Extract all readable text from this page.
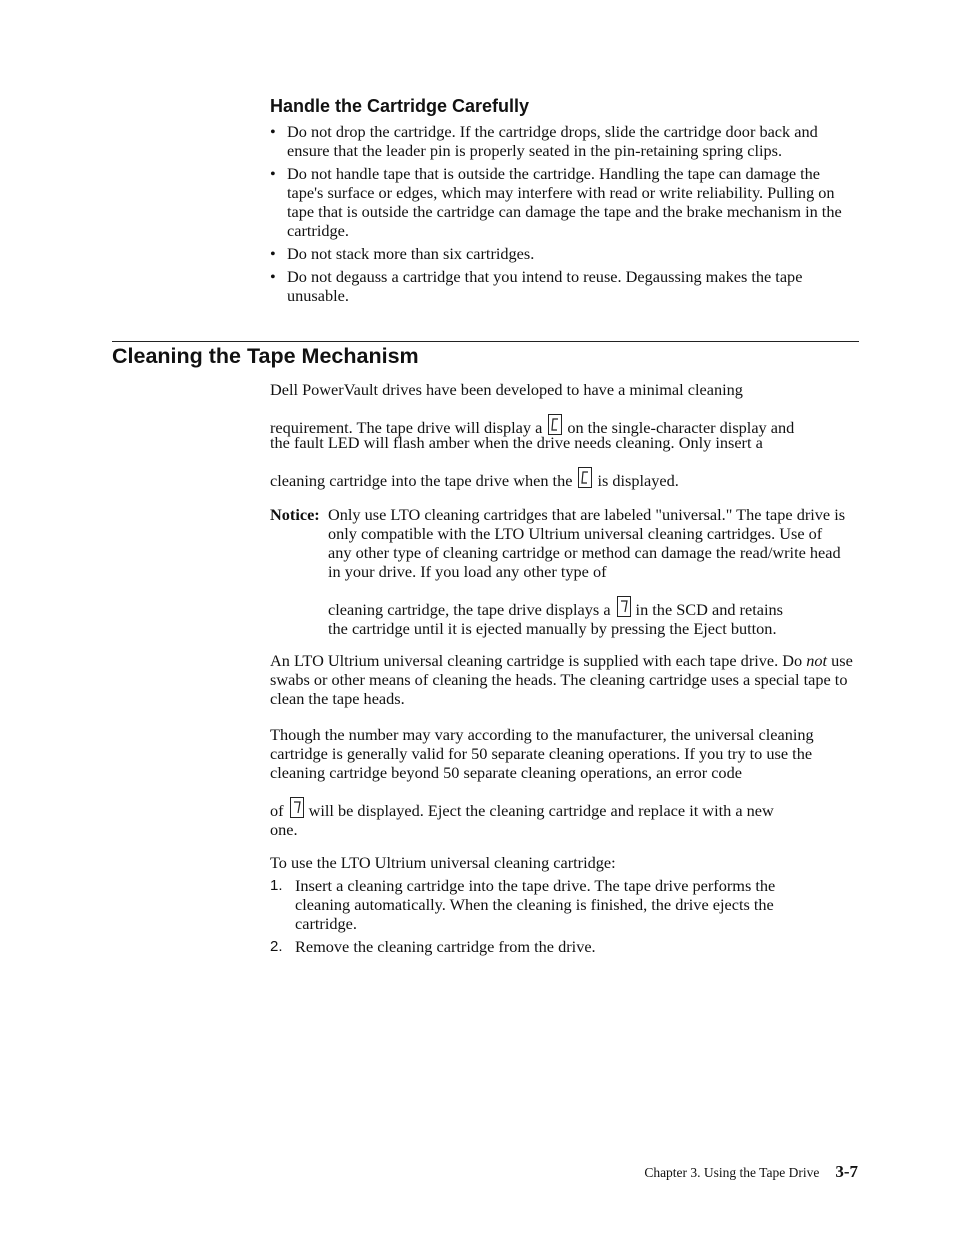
Handle the Cartridge Carefully
• Do not drop the cartridge. If the cartridge drops, slide the cartridge door back and ensure that the leader pin is properly seated in the pin-retaining spring clips.
• Do not handle tape that is outside the cartridge. Handling the tape can damage the tape's surface or edges, which may interfere with read or write reliability. Pulling on tape that is outside the cartridge can damage the tape and the brake mechanism in the cartridge.
• Do not stack more than six cartridges.
• Do not degauss a cartridge that you intend to reuse. Degaussing makes the tape unusable.
Cleaning the Tape Mechanism
Dell PowerVault drives have been developed to have a minimal cleaning
requirement. The tape drive will display a on the single-character display and
the fault LED will flash amber when the drive needs cleaning. Only insert a
cleaning cartridge into the tape drive when the is displayed.
Notice: Only use LTO cleaning cartridges that are labeled "universal." The tape drive is only compatible with the LTO Ultrium universal cleaning cartridges. Use of any other type of cleaning cartridge or method can damage the read/write head in your drive. If you load any other type of
cleaning cartridge, the tape drive displays a in the SCD and retains
the cartridge until it is ejected manually by pressing the Eject button.
An LTO Ultrium universal cleaning cartridge is supplied with each tape drive. Do not use swabs or other means of cleaning the heads. The cleaning cartridge uses a special tape to clean the tape heads.
Though the number may vary according to the manufacturer, the universal cleaning cartridge is generally valid for 50 separate cleaning operations. If you try to use the cleaning cartridge beyond 50 separate cleaning operations, an error code
of will be displayed. Eject the cleaning cartridge and replace it with a new
one.
To use the LTO Ultrium universal cleaning cartridge:
1. Insert a cleaning cartridge into the tape drive. The tape drive performs the cleaning automatically. When the cleaning is finished, the drive ejects the cartridge.
2. Remove the cleaning cartridge from the drive.
Chapter 3. Using the Tape Drive 3-7
